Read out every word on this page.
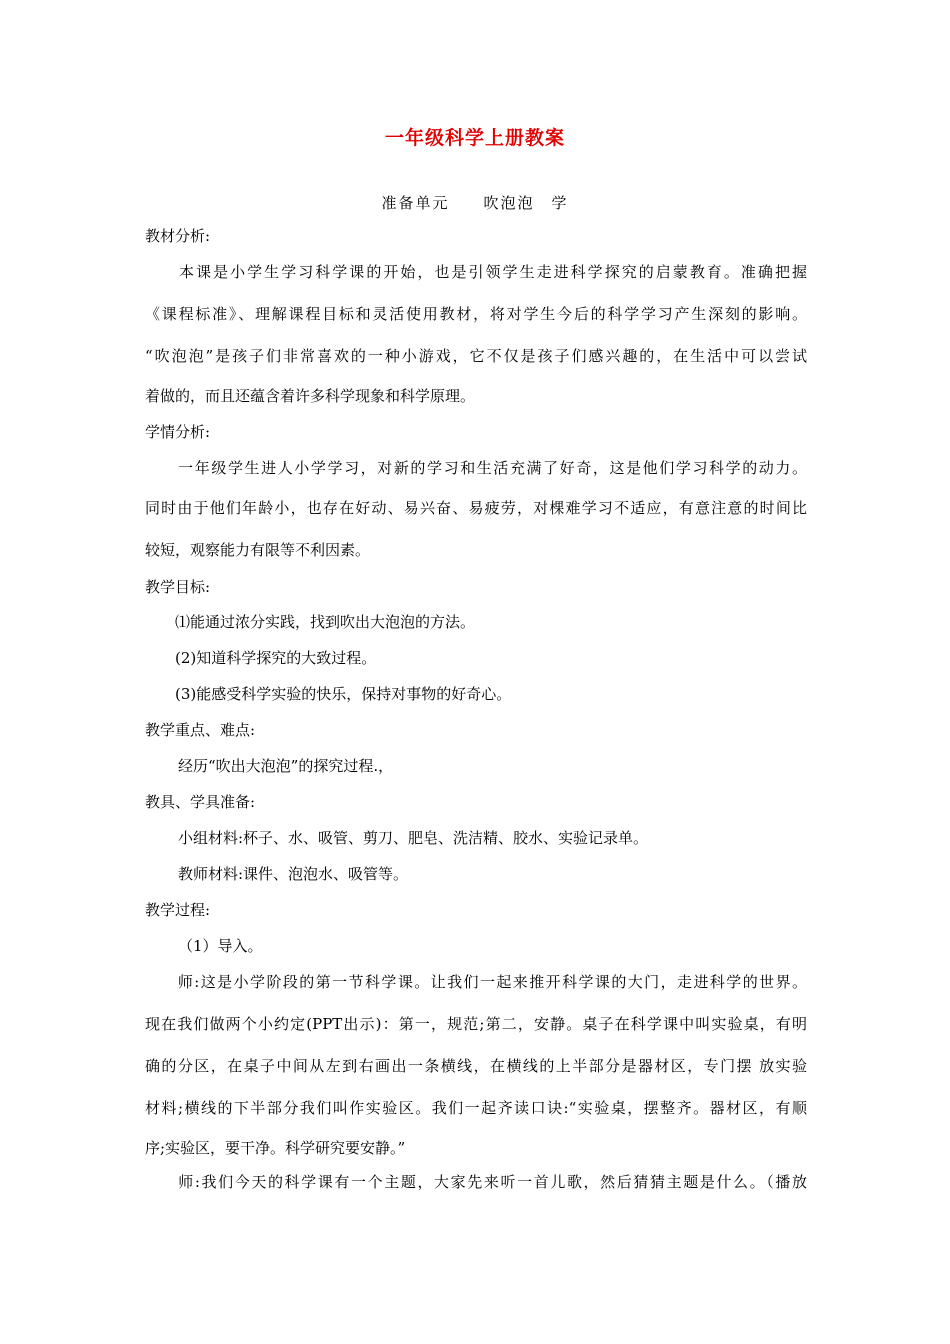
一年级科学上册教案
准备单元　　吹泡泡　学
教材分析:
　　本课是小学生学习科学课的开始，也是引领学生走进科学探究的启蒙教育。准确把握
《课程标准》、理解课程目标和灵活使用教材，将对学生今后的科学学习产生深刻的影响。
“吹泡泡”是孩子们非常喜欢的一种小游戏，它不仅是孩子们感兴趣的，在生活中可以尝试
着做的，而且还蕴含着许多科学现象和科学原理。
学情分析:
　　一年级学生进人小学学习，对新的学习和生活充满了好奇，这是他们学习科学的动力。
同时由于他们年龄小，也存在好动、易兴奋、易疲劳，对棵难学习不适应，有意注意的时间比
较短，观察能力有限等不利因素。
教学目标:
⑴能通过浓分实践，找到吹出大泡泡的方法。
(2)知道科学探究的大致过程。
(3)能感受科学实验的快乐，保持对事物的好奇心。
教学重点、难点:
经历“吹出大泡泡”的探究过程.，
教具、学具准备:
小组材料:杯子、水、吸管、剪刀、肥皂、洗洁精、胶水、实验记录单。
教师材料:课件、泡泡水、吸管等。
教学过程:
（1）导入。
　　师:这是小学阶段的第一节科学课。让我们一起来推开科学课的大门，走进科学的世界。
现在我们做两个小约定(PPT出示)：第一，规范;第二，安静。桌子在科学课中叫实验桌，有明
确的分区，在桌子中间从左到右画出一条横线，在横线的上半部分是器材区，专门摆 放实验
材料;横线的下半部分我们叫作实验区。我们一起齐读口诀:“实验桌，摆整齐。器材区，有顺
序;实验区，要干净。科学研究要安静。”
　　师:我们今天的科学课有一个主题，大家先来听一首儿歌，然后猜猜主题是什么。（播放
